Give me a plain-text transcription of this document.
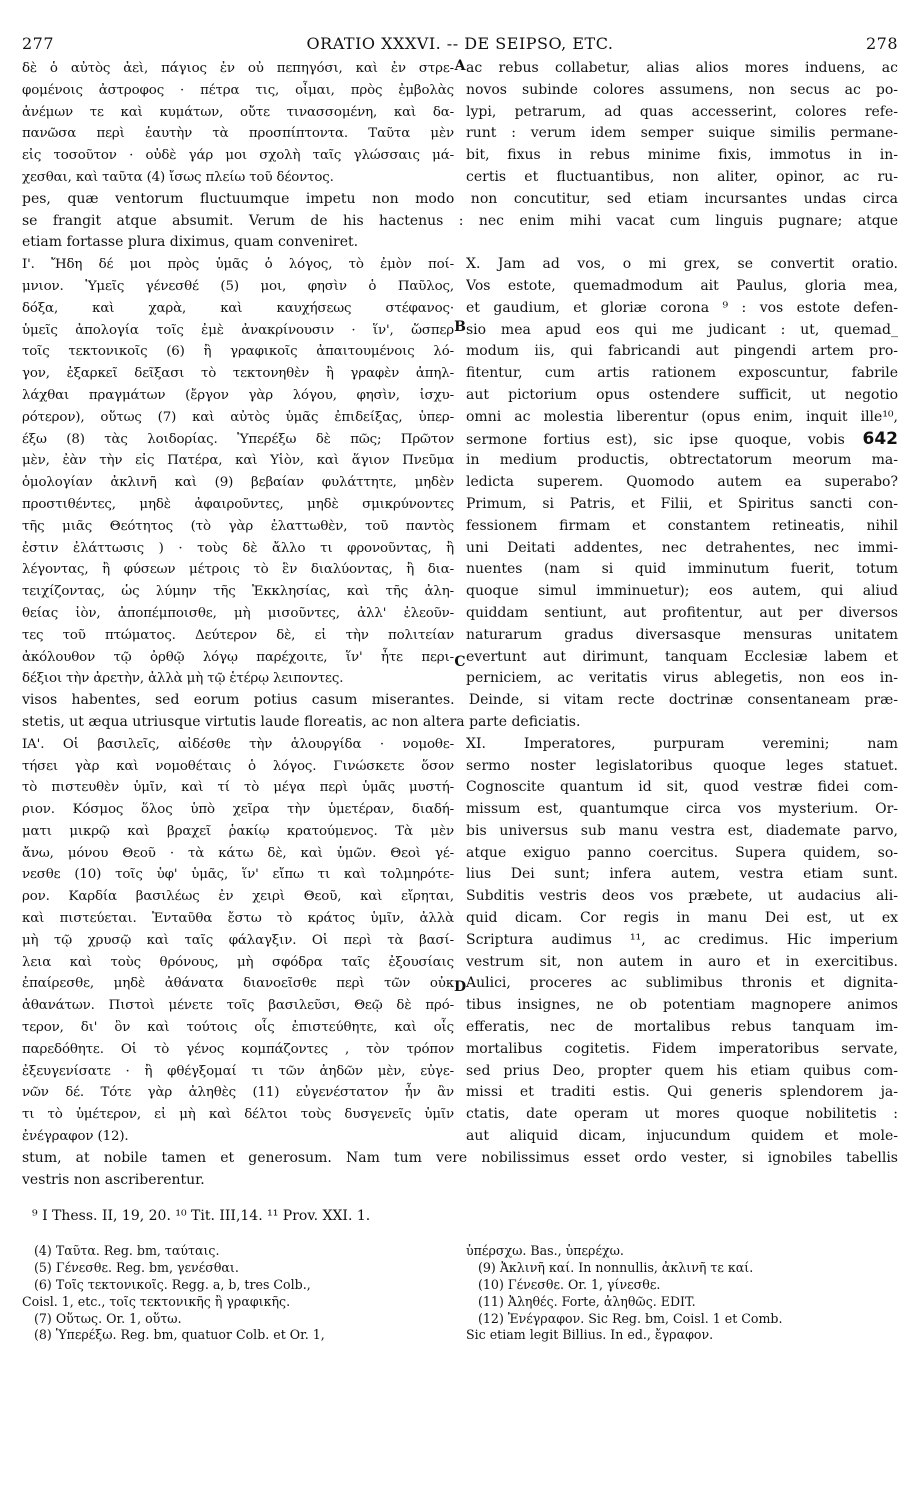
277	ORATIO XXXVI. -- DE SEIPSO, ETC.	278
δὲ ὁ αὐτὸς ἀεὶ, πάγιος ἐν οὐ πεπηγόσι, καὶ ἐν στρε-
φομένοις ἀστροφος · πέτρα τις, οἶμαι, πρὸς ἐμβολὰς
ἀνέμων τε καὶ κυμάτων, οὔτε τινασσομένη, καὶ δα-
πανῶσα περὶ ἑαυτὴν τὰ προσπίπτοντα. Ταῦτα μὲν
εἰς τοσοῦτον · οὐδὲ γάρ μοι σχολὴ ταῖς γλώσσαις μά-
χεσθαι, καὶ ταῦτα (4) ἴσως πλείω τοῦ δέοντος.
A ac rebus collabetur, alias alios mores induens, ac
novos subinde colores assumens, non secus ac po-
lypi, petrarum, ad quas accesserint, colores refe-
runt : verum idem semper suique similis permane-
bit, fixus in rebus minime fixis, immotus in in-
certis et fluctuantibus, non aliter, opinor, ac ru-
pes, quæ ventorum fluctuumque impetu non modo non concutitur, sed etiam incursantes undas circa
se frangit atque absumit. Verum de his hactenus : nec enim mihi vacat cum linguis pugnare; atque
etiam fortasse plura diximus, quam conveniret.
Ι'. Ἤδη δέ μοι πρὸς ὑμᾶς ὁ λόγος, τὸ ἐμὸν ποί-
μνιον. Ὑμεῖς γένεσθέ (5) μοι, φησὶν ὁ Παῦλος,
δόξα, καὶ χαρὰ, καὶ καυχήσεως στέφανος·
ὑμεῖς ἀπολογία τοῖς ἐμὲ ἀνακρίνουσιν · ἵν', ὥσπερ
τοῖς τεκτονικοῖς (6) ἢ γραφικοῖς ἀπαιτουμένοις λό-
γον, ἐξαρκεῖ δεῖξασι τὸ τεκτονηθὲν ἢ γραφὲν ἀπηλ-
λάχθαι πραγμάτων (ἔργον γὰρ λόγου, φησὶν, ἰσχυ-
ρότερον), οὕτως (7) καὶ αὐτὸς ὑμᾶς ἐπιδείξας, ὑπερ-
έξω (8) τὰς λοιδορίας. Ὑπερέξω δὲ πῶς; Πρῶτον
μὲν, ἐὰν τὴν εἰς Πατέρα, καὶ Υἱὸν, καὶ ἅγιον Πνεῦμα
ὁμολογίαν ἀκλινῆ καὶ (9) βεβαίαν φυλάττητε, μηδὲν
προστιθέντες, μηδὲ ἀφαιροῦντες, μηδὲ σμικρύνοντες
τῆς μιᾶς Θεότητος (τὸ γὰρ ἐλαττωθὲν, τοῦ παντὸς
ἐστιν ἐλάττωσις ) · τοὺς δὲ ἄλλο τι φρονοῦντας, ἢ
λέγοντας, ἢ φύσεων μέτροις τὸ ἓν διαλύοντας, ἢ δια-
τειχίζοντας, ὡς λύμην τῆς Ἐκκλησίας, καὶ τῆς ἀλη-
θείας ἰὸν, ἀποπέμποισθε, μὴ μισοῦντες, ἀλλ' ἐλεοῦν-
τες τοῦ πτώματος. Δεύτερον δὲ, εἰ τὴν πολιτείαν
ἀκόλουθον τῷ ὀρθῷ λόγῳ παρέχοιτε, ἵν' ἦτε περι-
δέξιοι τὴν ἀρετὴν, ἀλλὰ μὴ τῷ ἑτέρῳ λειποντες.
B
C
X. Jam ad vos, o mi grex, se convertit oratio.
Vos estote, quemadmodum ait Paulus, gloria mea,
et gaudium, et gloriæ corona ⁹ : vos estote defen-
sio mea apud eos qui me judicant : ut, quemad_
modum iis, qui fabricandi aut pingendi artem pro-
fitentur, cum artis rationem exposcuntur, fabrile
aut pictorium opus ostendere sufficit, ut negotio
omni ac molestia liberentur (opus enim, inquit ille¹⁰,
sermone fortius est), sic ipse quoque, vobis 642
in medium productis, obtrectatorum meorum ma-
ledicta superem. Quomodo autem ea superabo?
Primum, si Patris, et Filii, et Spiritus sancti con-
fessionem firmam et constantem retineatis, nihil
uni Deitati addentes, nec detrahentes, nec immi-
nuentes (nam si quid imminutum fuerit, totum
quoque simul imminuetur); eos autem, qui aliud
quiddam sentiunt, aut profitentur, aut per diversos
naturarum gradus diversasque mensuras unitatem
evertunt aut dirimunt, tanquam Ecclesiæ labem et
perniciem, ac veritatis virus ablegetis, non eos in-
visos habentes, sed eorum potius casum miserantes. Deinde, si vitam recte doctrinæ consentaneam præ-
stetis, ut æqua utriusque virtutis laude floreatis, ac non altera parte deficiatis.
ΙΑ'. Οἱ βασιλεῖς, αἰδέσθε τὴν ἁλουργίδα · νομοθε-
τήσει γὰρ καὶ νομοθέταις ὁ λόγος. Γινώσκετε ὅσον
τὸ πιστευθὲν ὑμῖν, καὶ τί τὸ μέγα περὶ ὑμᾶς μυστή-
ριον. Κόσμος ὅλος ὑπὸ χεῖρα τὴν ὑμετέραν, διαδή-
ματι μικρῷ καὶ βραχεῖ ῥακίῳ κρατούμενος. Τὰ μὲν
ἄνω, μόνου Θεοῦ · τὰ κάτω δὲ, καὶ ὑμῶν. Θεοὶ γέ-
νεσθε (10) τοῖς ὑφ' ὑμᾶς, ἵν' εἴπω τι καὶ τολμηρότε-
ρον. Καρδία βασιλέως ἐν χειρὶ Θεοῦ, καὶ εἴρηται,
καὶ πιστεύεται. Ἐνταῦθα ἔστω τὸ κράτος ὑμῖν, ἀλλὰ
μὴ τῷ χρυσῷ καὶ ταῖς φάλαγξιν. Οἱ περὶ τὰ βασί-
λεια καὶ τοὺς θρόνους, μὴ σφόδρα ταῖς ἐξουσίαις
ἐπαίρεσθε, μηδὲ ἀθάνατα διανοεῖσθε περὶ τῶν οὐκ
ἀθανάτων. Πιστοὶ μένετε τοῖς βασιλεῦσι, Θεῷ δὲ πρό-
τερον, δι' ὃν καὶ τούτοις οἷς ἐπιστεύθητε, καὶ οἷς
παρεδόθητε. Οἱ τὸ γένος κομπάζοντες , τὸν τρόπον
ἐξευγενίσατε · ἢ φθέγξομαί τι τῶν ἀηδῶν μὲν, εὐγε-
νῶν δέ. Τότε γὰρ ἀληθὲς (11) εὐγενέστατον ἦν ἂν
τι τὸ ὑμέτερον, εἰ μὴ καὶ δέλτοι τοὺς δυσγενεῖς ὑμῖν
ἐνέγραφον (12).
D
XI. Imperatores, purpuram veremini; nam
sermo noster legislatoribus quoque leges statuet.
Cognoscite quantum id sit, quod vestræ fidei com-
missum est, quantumque circa vos mysterium. Or-
bis universus sub manu vestra est, diademate parvo,
atque exiguo panno coercitus. Supera quidem, so-
lius Dei sunt; infera autem, vestra etiam sunt.
Subditis vestris deos vos præbete, ut audacius ali-
quid dicam. Cor regis in manu Dei est, ut ex
Scriptura audimus ¹¹, ac credimus. Hic imperium
vestrum sit, non autem in auro et in exercitibus.
Aulici, proceres ac sublimibus thronis et dignita-
tibus insignes, ne ob potentiam magnopere animos
efferatis, nec de mortalibus rebus tanquam im-
mortalibus cogitetis. Fidem imperatoribus servate,
sed prius Deo, propter quem his etiam quibus com-
missi et traditi estis. Qui generis splendorem ja-
ctatis, date operam ut mores quoque nobilitetis :
aut aliquid dicam, injucundum quidem et mole-
stum, at nobile tamen et generosum. Nam tum vere nobilissimus esset ordo vester, si ignobiles tabellis
vestris non ascriberentur.
⁹ I Thess. II, 19, 20. ¹⁰ Tit. III,14. ¹¹ Prov. XXI. 1.
(4) Ταῦτα. Reg. bm, ταύταις.
(5) Γένεσθε. Reg. bm, γενέσθαι.
(6) Τοῖς τεκτονικοῖς. Regg. a, b, tres Colb.,
Coisl. 1, etc., τοῖς τεκτονικῆς ἢ γραφικῆς.
(7) Οὕτως. Or. 1, οὕτω.
(8) Ὑπερέξω. Reg. bm, quatuor Colb. et Or. 1,
ὑπέρσχω. Bas., ὑπερέχω.
(9) Ἀκλινῆ καί. In nonnullis, ἀκλινῆ τε καί.
(10) Γένεσθε. Or. 1, γίνεσθε.
(11) Ἀληθές. Forte, ἀληθῶς. EDIT.
(12) Ἐνέγραφον. Sic Reg. bm, Coisl. 1 et Comb.
Sic etiam legit Billius. In ed., ἔγραφον.
